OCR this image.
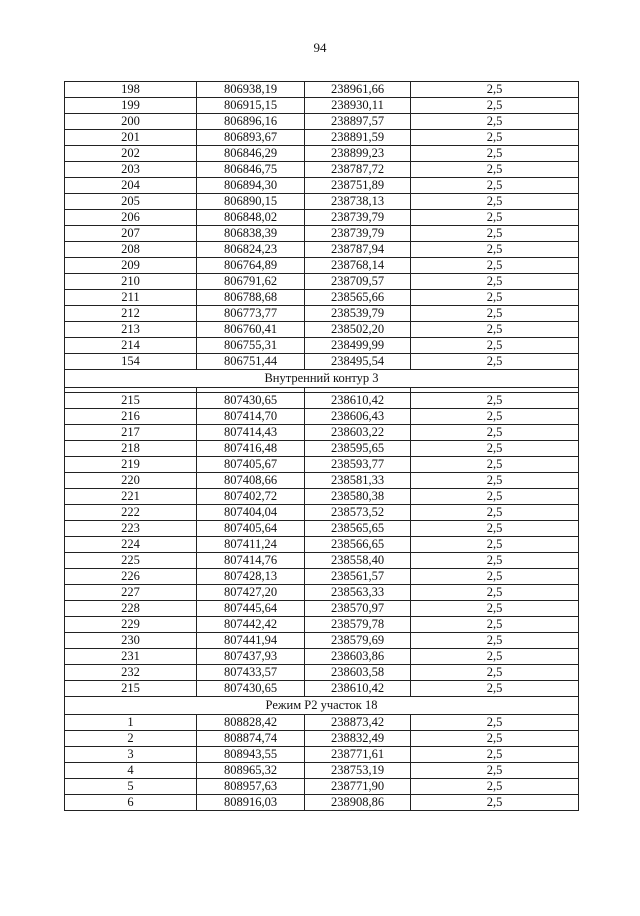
94
198	806938,19	238961,66	2,5
199	806915,15	238930,11	2,5
200	806896,16	238897,57	2,5
201	806893,67	238891,59	2,5
202	806846,29	238899,23	2,5
203	806846,75	238787,72	2,5
204	806894,30	238751,89	2,5
205	806890,15	238738,13	2,5
206	806848,02	238739,79	2,5
207	806838,39	238739,79	2,5
208	806824,23	238787,94	2,5
209	806764,89	238768,14	2,5
210	806791,62	238709,57	2,5
211	806788,68	238565,66	2,5
212	806773,77	238539,79	2,5
213	806760,41	238502,20	2,5
214	806755,31	238499,99	2,5
154	806751,44	238495,54	2,5
Внутренний контур 3			

215	807430,65	238610,42	2,5
216	807414,70	238606,43	2,5
217	807414,43	238603,22	2,5
218	807416,48	238595,65	2,5
219	807405,67	238593,77	2,5
220	807408,66	238581,33	2,5
221	807402,72	238580,38	2,5
222	807404,04	238573,52	2,5
223	807405,64	238565,65	2,5
224	807411,24	238566,65	2,5
225	807414,76	238558,40	2,5
226	807428,13	238561,57	2,5
227	807427,20	238563,33	2,5
228	807445,64	238570,97	2,5
229	807442,42	238579,78	2,5
230	807441,94	238579,69	2,5
231	807437,93	238603,86	2,5
232	807433,57	238603,58	2,5
215	807430,65	238610,42	2,5
Режим Р2 участок 18			
1	808828,42	238873,42	2,5
2	808874,74	238832,49	2,5
3	808943,55	238771,61	2,5
4	808965,32	238753,19	2,5
5	808957,63	238771,90	2,5
6	808916,03	238908,86	2,5
